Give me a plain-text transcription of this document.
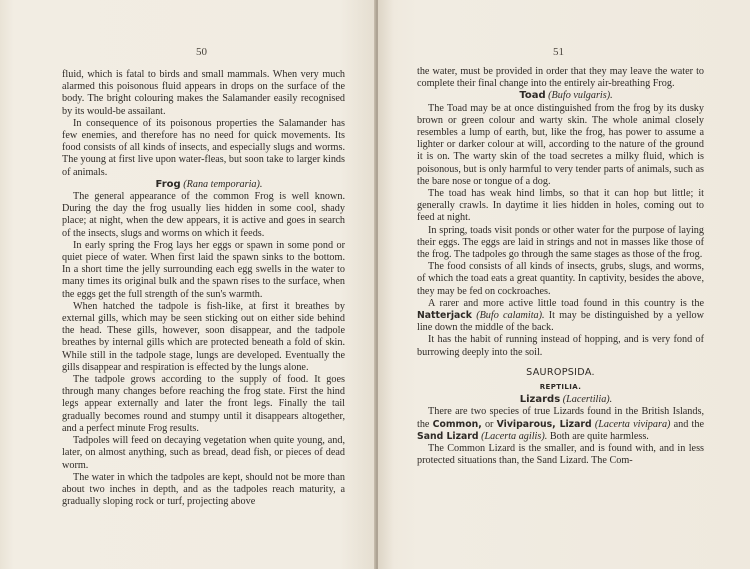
50

fluid, which is fatal to birds and small mammals. When very much alarmed this poisonous fluid appears in drops on the surface of the body. The bright colouring makes the Salamander easily recognised by its would-be assailant.

In consequence of its poisonous properties the Salamander has few enemies, and therefore has no need for quick movements. Its food consists of all kinds of insects, and especially slugs and worms. The young at first live upon water-fleas, but soon take to larger kinds of animals.

Frog (Rana temporaria).

The general appearance of the common Frog is well known. During the day the frog usually lies hidden in some cool, shady place; at night, when the dew appears, it is active and goes in search of the insects, slugs and worms on which it feeds.

In early spring the Frog lays her eggs or spawn in some pond or quiet piece of water. When first laid the spawn sinks to the bottom. In a short time the jelly surrounding each egg swells in the water to many times its original bulk and the spawn rises to the surface, when the eggs get the full strength of the sun's warmth.

When hatched the tadpole is fish-like, at first it breathes by external gills, which may be seen sticking out on either side behind the head. These gills, however, soon disappear, and the tadpole breathes by internal gills which are protected beneath a fold of skin. While still in the tadpole stage, lungs are developed. Eventually the gills disappear and respiration is effected by the lungs alone.

The tadpole grows according to the supply of food. It goes through many changes before reaching the frog state. First the hind legs appear externally and later the front legs. Finally the tail gradually becomes round and stumpy until it disappears altogether, and a perfect minute Frog results.

Tadpoles will feed on decaying vegetation when quite young, and, later, on almost anything, such as bread, dead fish, or pieces of dead worm.

The water in which the tadpoles are kept, should not be more than about two inches in depth, and as the tadpoles reach maturity, a gradually sloping rock or turf, projecting above

51

the water, must be provided in order that they may leave the water to complete their final change into the entirely air-breathing Frog.

Toad (Bufo vulgaris).

The Toad may be at once distinguished from the frog by its dusky brown or green colour and warty skin. The whole animal closely resembles a lump of earth, but, like the frog, has power to assume a lighter or darker colour at will, according to the nature of the ground it is on. The warty skin of the toad secretes a milky fluid, which is poisonous, but is only harmful to very tender parts of animals, such as the bare nose or tongue of a dog.

The toad has weak hind limbs, so that it can hop but little; it generally crawls. In daytime it lies hidden in holes, coming out to feed at night.

In spring, toads visit ponds or other water for the purpose of laying their eggs. The eggs are laid in strings and not in masses like those of the frog. The tadpoles go through the same stages as those of the frog.

The food consists of all kinds of insects, grubs, slugs, and worms, of which the toad eats a great quantity. In captivity, besides the above, they may be fed on cockroaches.

A rarer and more active little toad found in this country is the Natterjack (Bufo calamita). It may be distinguished by a yellow line down the middle of the back.

It has the habit of running instead of hopping, and is very fond of burrowing deeply into the soil.

SAUROPSIDA.
REPTILIA.

Lizards (Lacertilia).

There are two species of true Lizards found in the British Islands, the Common, or Viviparous, Lizard (Lacerta vivipara) and the Sand Lizard (Lacerta agilis). Both are quite harmless.

The Common Lizard is the smaller, and is found with, and in less protected situations than, the Sand Lizard. The Com-
